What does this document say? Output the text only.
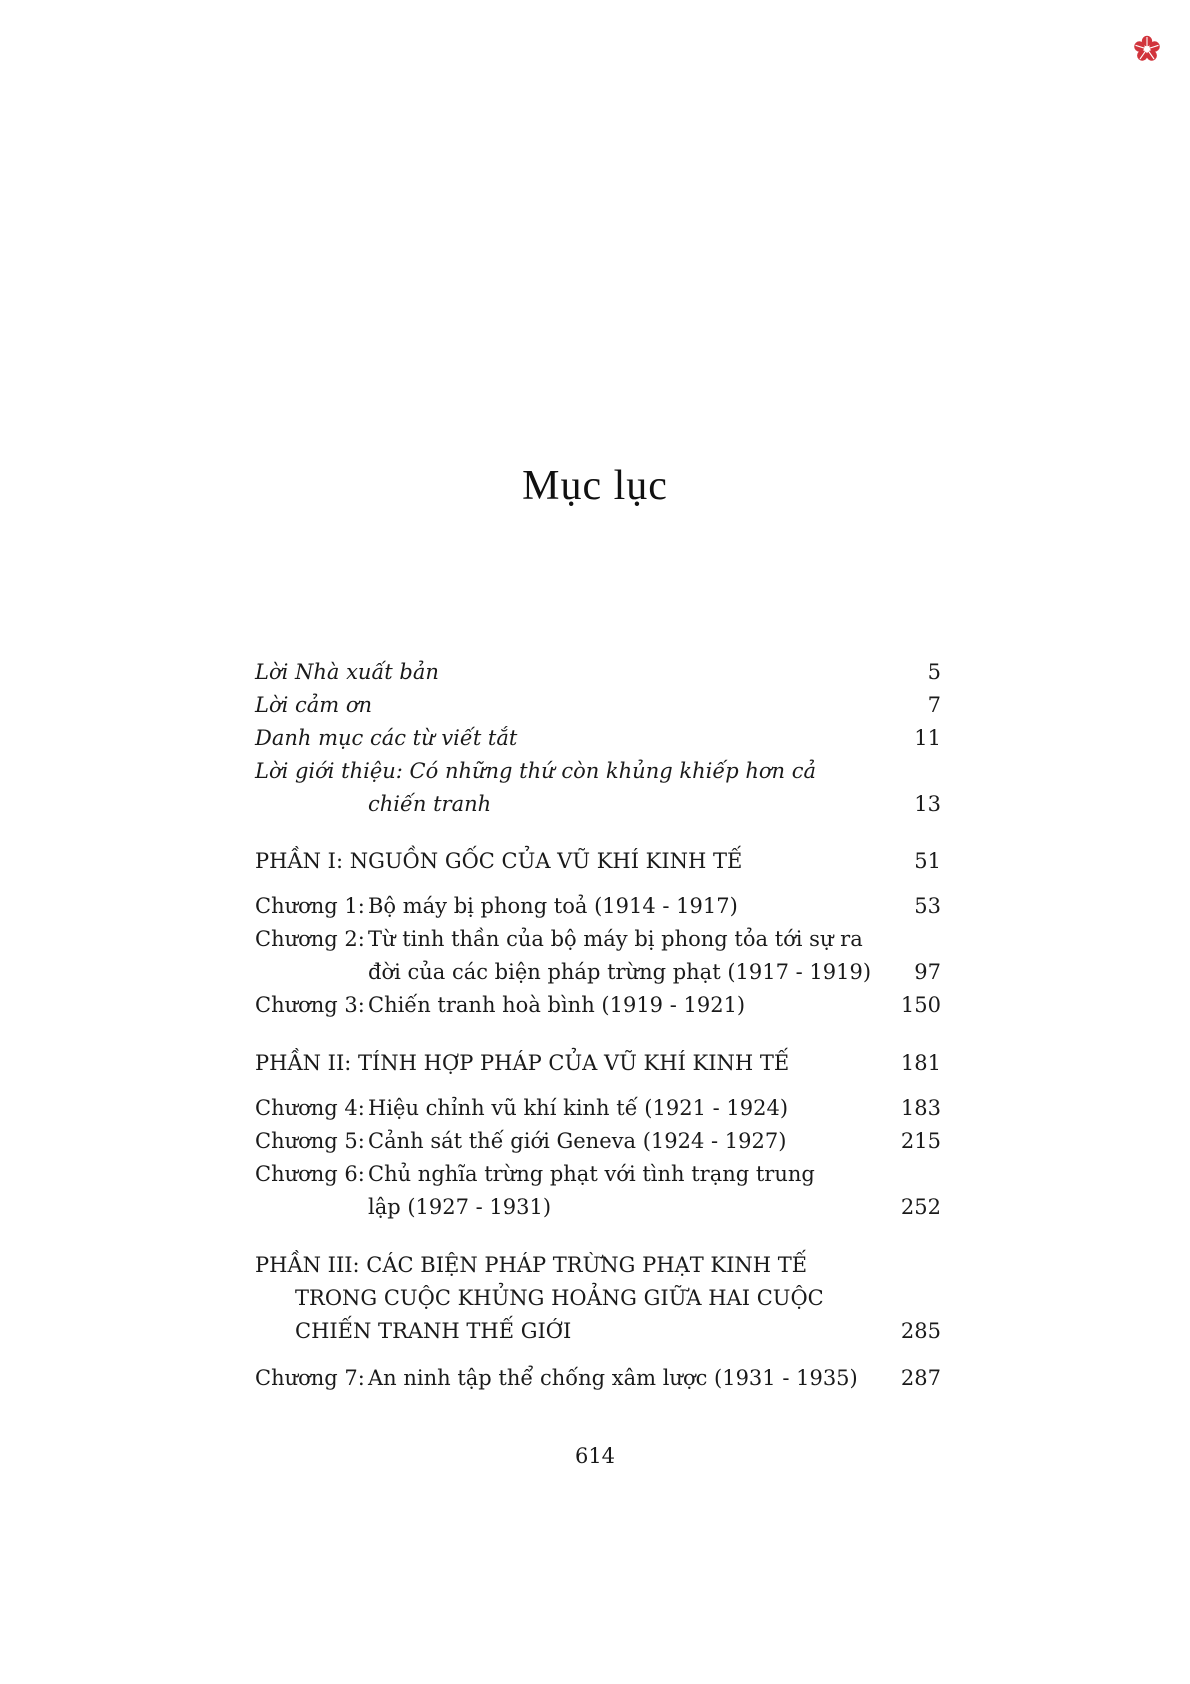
Mục lục
Lời Nhà xuất bản	5
Lời cảm ơn	7
Danh mục các từ viết tắt	11
Lời giới thiệu: Có những thứ còn khủng khiếp hơn cả
chiến tranh	13
PHẦN I: NGUỒN GỐC CỦA VŨ KHÍ KINH TẾ	51
Chương 1: Bộ máy bị phong toả (1914 - 1917)	53
Chương 2: Từ tinh thần của bộ máy bị phong tỏa tới sự ra
đời của các biện pháp trừng phạt (1917 - 1919) 97
Chương 3: Chiến tranh hoà bình (1919 - 1921)	150
PHẦN II: TÍNH HỢP PHÁP CỦA VŨ KHÍ KINH TẾ	181
Chương 4: Hiệu chỉnh vũ khí kinh tế (1921 - 1924)	183
Chương 5: Cảnh sát thế giới Geneva (1924 - 1927)	215
Chương 6: Chủ nghĩa trừng phạt với tình trạng trung
lập (1927 - 1931)	252
PHẦN III: CÁC BIỆN PHÁP TRỪNG PHẠT KINH TẾ
TRONG CUỘC KHỦNG HOẢNG GIỮA HAI CUỘC
CHIẾN TRANH THẾ GIỚI	285
Chương 7: An ninh tập thể chống xâm lược (1931 - 1935) 287
614
